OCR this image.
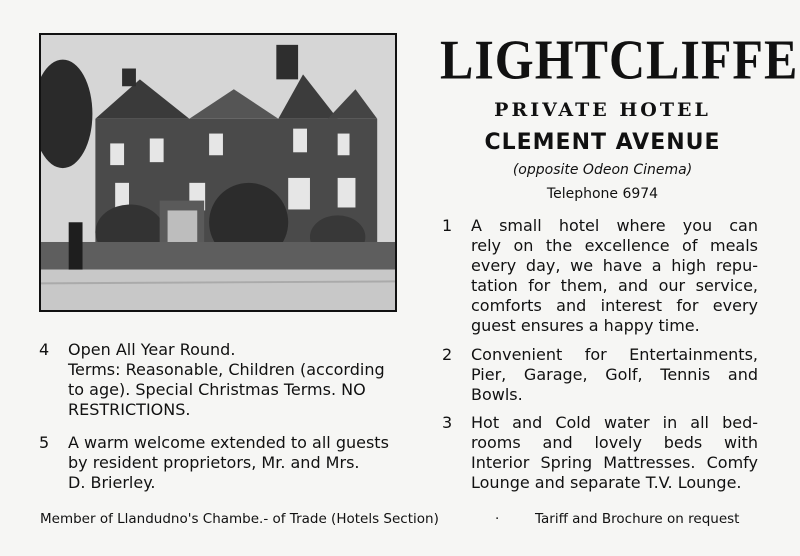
LIGHTCLIFFE
PRIVATE HOTEL
CLEMENT AVENUE
(opposite Odeon Cinema)
Telephone 6974
1 A small hotel where you can
rely on the excellence of meals
every day, we have a high repu-
tation for them, and our service,
comforts and interest for every
guest ensures a happy time.
2 Convenient for Entertainments,
Pier, Garage, Golf, Tennis and
Bowls.
3 Hot and Cold water in all bed-
rooms and lovely beds with
Interior Spring Mattresses. Comfy
Lounge and separate T.V. Lounge.
4 Open All Year Round.
Terms: Reasonable, Children (according
to age). Special Christmas Terms. NO
RESTRICTIONS.
5 A warm welcome extended to all guests
by resident proprietors, Mr. and Mrs.
D. Brierley.
Member of Llandudno's Chambe.- of Trade (Hotels Section)	·	Tariff and Brochure on request
